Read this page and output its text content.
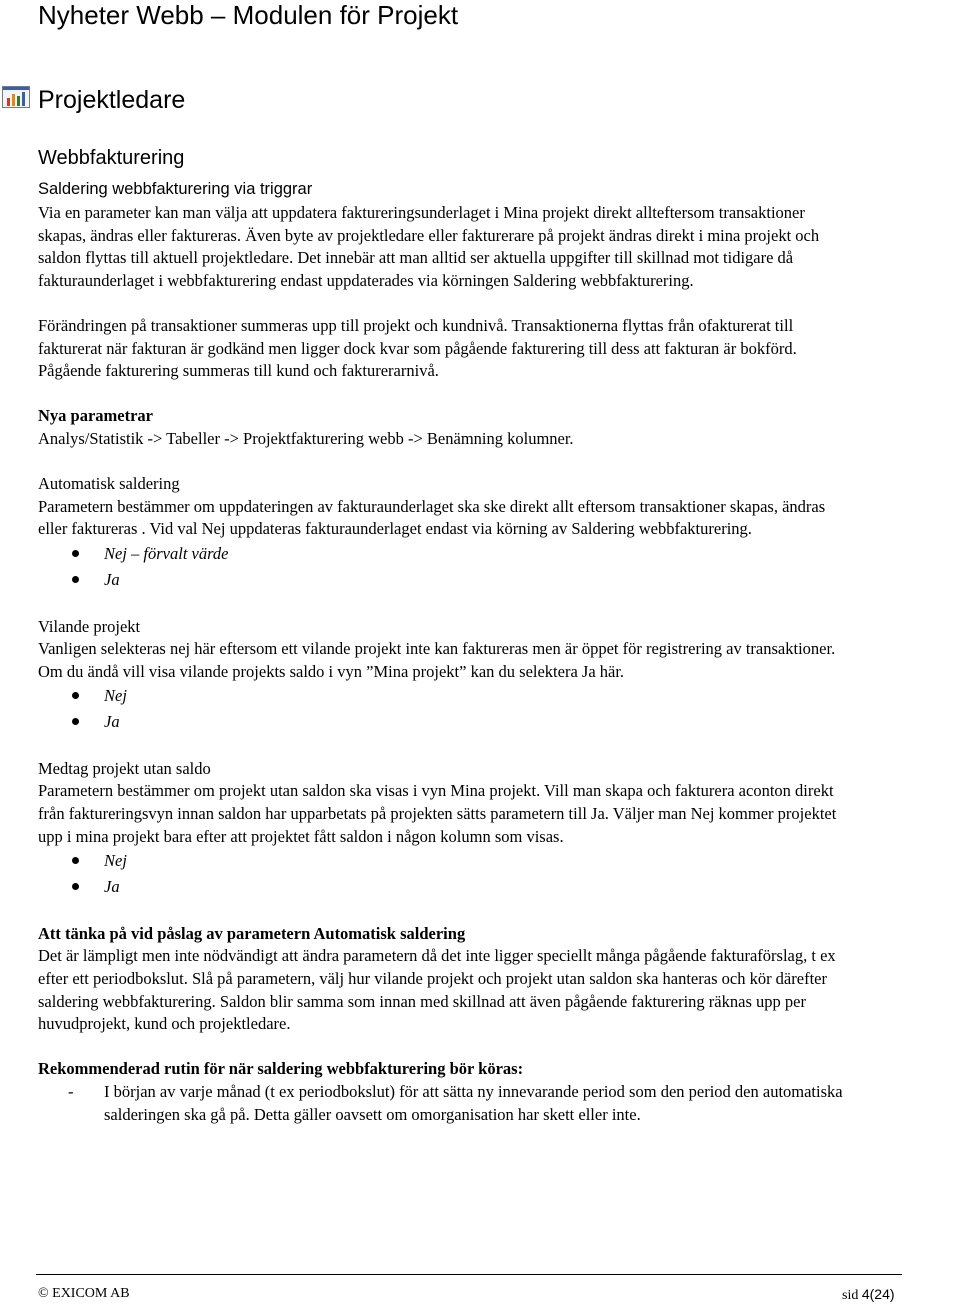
Nyheter Webb – Modulen för Projekt
Projektledare
Webbfakturering
Saldering webbfakturering via triggrar

Via en parameter kan man välja att uppdatera faktureringsunderlaget i Mina projekt direkt allteftersom transaktioner skapas, ändras eller faktureras. Även byte av projektledare eller fakturerare på projekt ändras direkt i mina projekt och saldon flyttas till aktuell projektledare. Det innebär att man alltid ser aktuella uppgifter till skillnad mot tidigare då fakturaunderlaget i webbfakturering endast uppdaterades via körningen Saldering webbfakturering.

Förändringen på transaktioner summeras upp till projekt och kundnivå. Transaktionerna flyttas från ofakturerat till fakturerat när fakturan är godkänd men ligger dock kvar som pågående fakturering till dess att fakturan är bokförd. Pågående fakturering summeras till kund och fakturerarnivå.

Nya parametrar

Analys/Statistik -> Tabeller -> Projektfakturering webb -> Benämning kolumner.

Automatisk saldering

Parametern bestämmer om uppdateringen av fakturaunderlaget ska ske direkt allt eftersom transaktioner skapas, ändras eller faktureras . Vid val Nej uppdateras fakturaunderlaget endast via körning av Saldering webbfakturering.

Nej – förvalt värde
Ja

Vilande projekt

Vanligen selekteras nej här eftersom ett vilande projekt inte kan faktureras men är öppet för registrering av transaktioner. Om du ändå vill visa vilande projekts saldo i vyn ”Mina projekt” kan du selektera Ja här.

Nej
Ja

Medtag projekt utan saldo

Parametern bestämmer om projekt utan saldon ska visas i vyn Mina projekt. Vill man skapa och fakturera aconton direkt från faktureringsvyn innan saldon har upparbetats på projekten sätts parametern till Ja. Väljer man Nej kommer projektet upp i mina projekt bara efter att projektet fått saldon i någon kolumn som visas.

Nej
Ja

Att tänka på vid påslag av parametern Automatisk saldering

Det är lämpligt men inte nödvändigt att ändra parametern då det inte ligger speciellt många pågående fakturaförslag, t ex efter ett periodbokslut. Slå på parametern, välj hur vilande projekt och projekt utan saldon ska hanteras och kör därefter saldering webbfakturering. Saldon blir samma som innan med skillnad att även pågående fakturering räknas upp per huvudprojekt, kund och projektledare.

Rekommenderad rutin för när saldering webbfakturering bör köras:

- I början av varje månad (t ex periodbokslut) för att sätta ny innevarande period som den period den automatiska salderingen ska gå på. Detta gäller oavsett om omorganisation har skett eller inte.
© EXICOM AB	sid 4(24)
